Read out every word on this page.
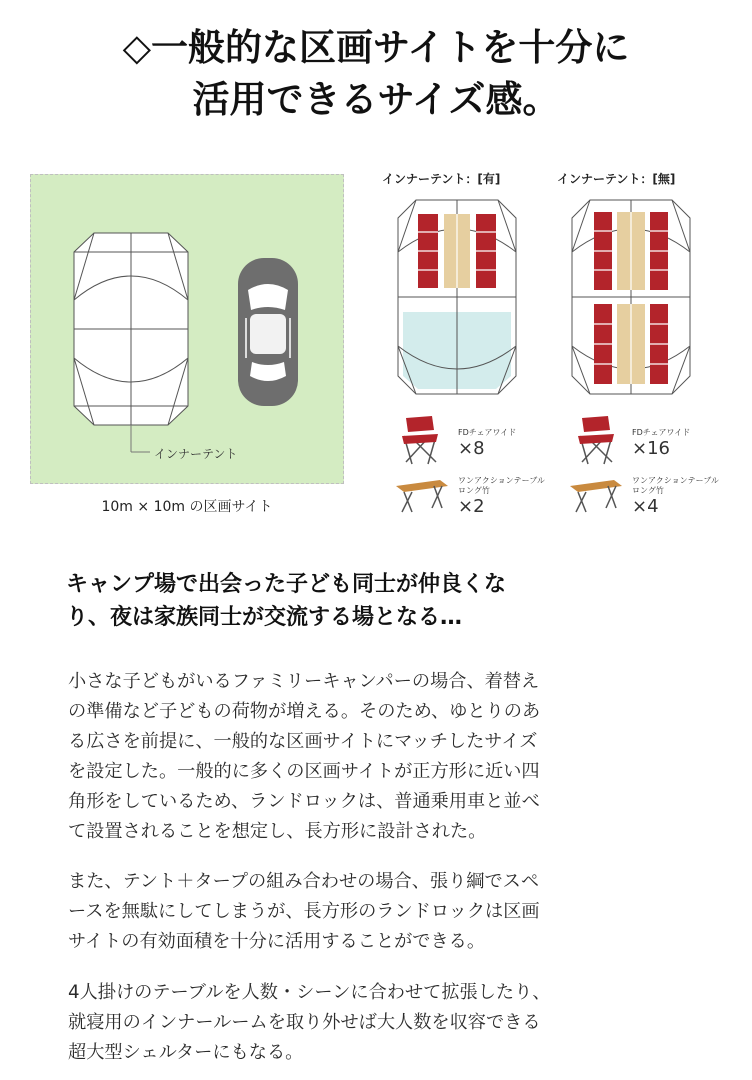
◇一般的な区画サイトを十分に
活用できるサイズ感。
インナーテント
10m × 10m の区画サイト
インナーテント：[有]	インナーテント：[無]
FDチェアワイド
×8
ワンアクションテーブル
ロング竹
×2
FDチェアワイド
×16
ワンアクションテーブル
ロング竹
×4
キャンプ場で出会った子ども同士が仲良くな
り、夜は家族同士が交流する場となる…
小さな子どもがいるファミリーキャンパーの場合、着替え
の準備など子どもの荷物が増える。そのため、ゆとりのあ
る広さを前提に、一般的な区画サイトにマッチしたサイズ
を設定した。一般的に多くの区画サイトが正方形に近い四
角形をしているため、ランドロックは、普通乗用車と並べ
て設置されることを想定し、長方形に設計された。
また、テント＋タープの組み合わせの場合、張り綱でスペ
ースを無駄にしてしまうが、長方形のランドロックは区画
サイトの有効面積を十分に活用することができる。
4人掛けのテーブルを人数・シーンに合わせて拡張したり、
就寝用のインナールームを取り外せば大人数を収容できる
超大型シェルターにもなる。
